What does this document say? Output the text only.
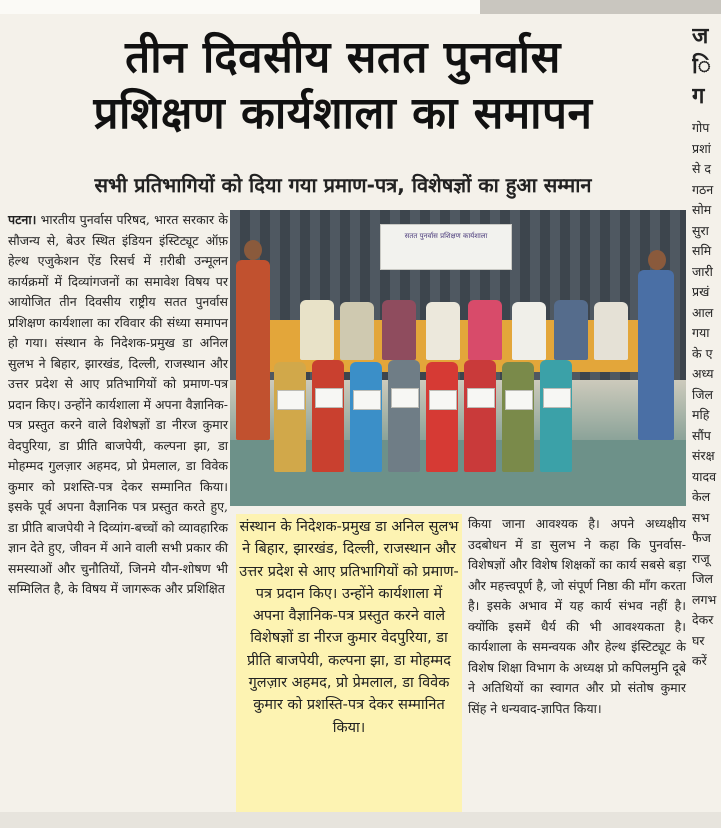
तीन दिवसीय सतत पुनर्वास
प्रशिक्षण कार्यशाला का समापन
सभी प्रतिभागियों को दिया गया प्रमाण-पत्र, विशेषज्ञों का हुआ सम्मान
पटना। भारतीय पुनर्वास परिषद, भारत सरकार के सौजन्य से, बेउर स्थित इंडियन इंस्टिट्यूट ऑफ़ हेल्थ एजुकेशन ऐंड रिसर्च में ग़रीबी उन्मूलन कार्यक्रमों में दिव्यांगजनों का समावेश विषय पर आयोजित तीन दिवसीय राष्ट्रीय सतत पुनर्वास प्रशिक्षण कार्यशाला का रविवार की संध्या समापन हो गया। संस्थान के निदेशक-प्रमुख डा अनिल सुलभ ने बिहार, झारखंड, दिल्ली, राजस्थान और उत्तर प्रदेश से आए प्रतिभागियों को प्रमाण-पत्र प्रदान किए। उन्होंने कार्यशाला में अपना वैज्ञानिक-पत्र प्रस्तुत करने वाले विशेषज्ञों डा नीरज कुमार वेदपुरिया, डा प्रीति बाजपेयी, कल्पना झा, डा मोहम्मद गुलज़ार अहमद, प्रो प्रेमलाल, डा विवेक कुमार को प्रशस्ति-पत्र देकर सम्मानित किया। इसके पूर्व अपना वैज्ञानिक पत्र प्रस्तुत करते हुए, डा प्रीति बाजपेयी ने दिव्यांग-बच्चों को व्यावहारिक ज्ञान देते हुए, जीवन में आने वाली सभी प्रकार की समस्याओं और चुनौतियों, जिनमे यौन-शोषण भी सम्मिलित है, के विषय में जागरूक और प्रशिक्षित
सतत पुनर्वास प्रशिक्षण कार्यशाला
संस्थान के निदेशक-प्रमुख डा अनिल सुलभ ने बिहार, झारखंड, दिल्ली, राजस्थान और उत्तर प्रदेश से आए प्रतिभागियों को प्रमाण-पत्र प्रदान किए। उन्होंने कार्यशाला में अपना वैज्ञानिक-पत्र प्रस्तुत करने वाले विशेषज्ञों डा नीरज कुमार वेदपुरिया, डा प्रीति बाजपेयी, कल्पना झा, डा मोहम्मद गुलज़ार अहमद, प्रो प्रेमलाल, डा विवेक कुमार को प्रशस्ति-पत्र देकर सम्मानित किया।
किया जाना आवश्यक है। अपने अध्यक्षीय उदबोधन में डा सुलभ ने कहा कि पुनर्वास-विशेषज्ञों और विशेष शिक्षकों का कार्य सबसे बड़ा और महत्त्वपूर्ण है, जो संपूर्ण निष्ठा की माँग करता है। इसके अभाव में यह कार्य संभव नहीं है। क्योंकि इसमें धैर्य की भी आवश्यकता है। कार्यशाला के समन्वयक और हेल्थ इंस्टिट्यूट के विशेष शिक्षा विभाग के अध्यक्ष प्रो कपिलमुनि दूबे ने अतिथियों का स्वागत और प्रो संतोष कुमार सिंह ने धन्यवाद-ज्ञापित किया।
ज
ि
ग
गोप प्रशां से द गठन सोम सुरा समि जारी प्रखं आल गया के ए अध्य जिल महि सौंप संरक्ष यादव केल सभ फैज राजू जिल लगभ देकर घर करें
